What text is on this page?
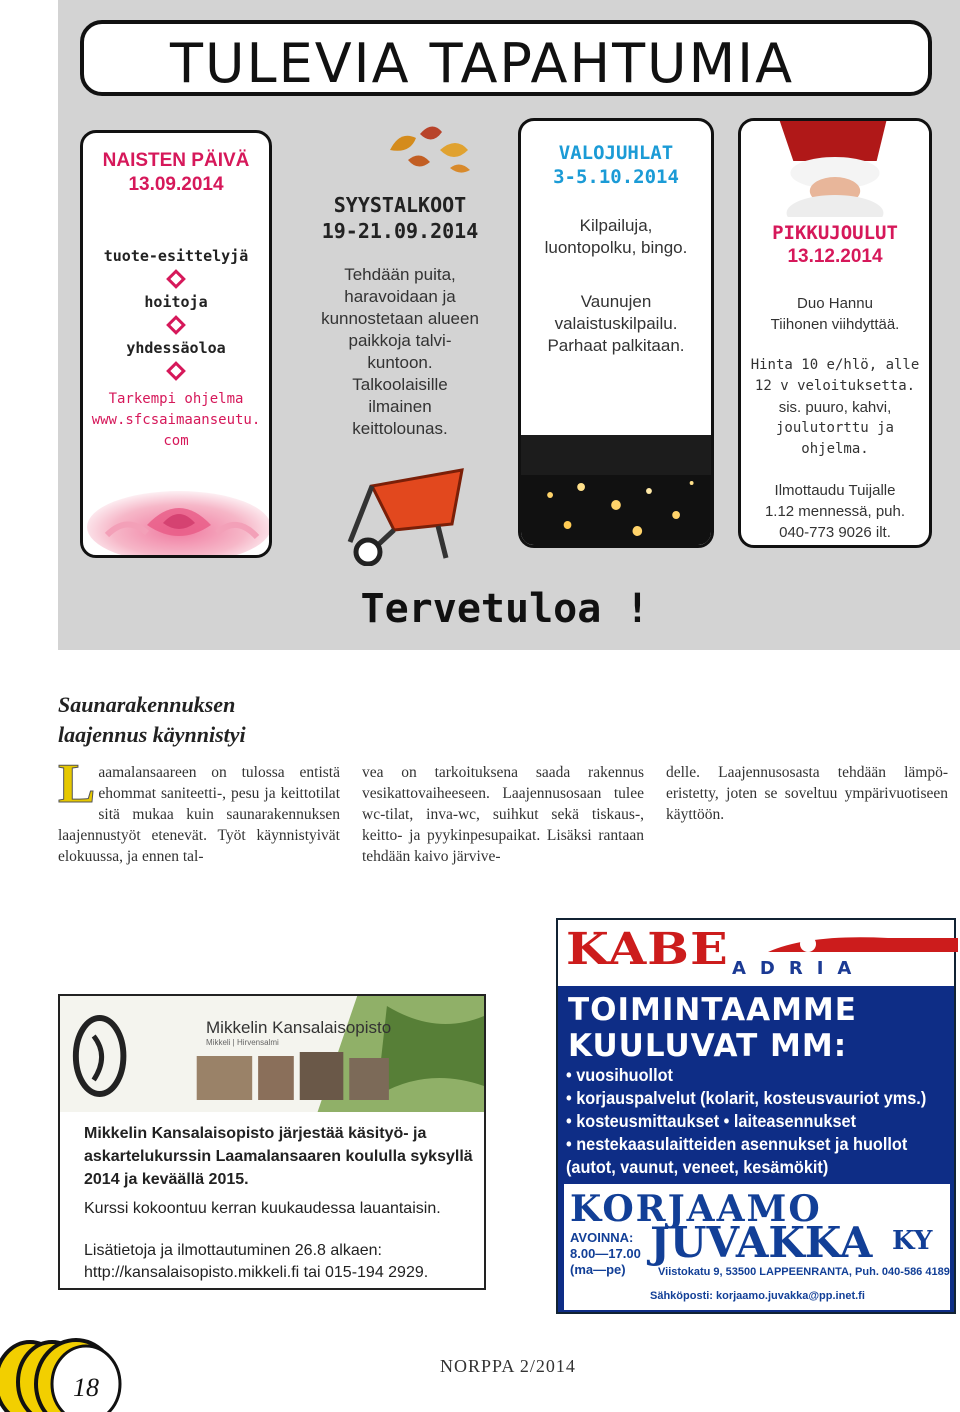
TULEVIA TAPAHTUMIA
NAISTEN PÄIVÄ
13.09.2014
tuote-esittelyjä
hoitoja
yhdessäoloa
Tarkempi ohjelma
www.sfcsaimaanseutu.
com
SYYSTALKOOT
19-21.09.2014
Tehdään puita,
haravoidaan ja
kunnostetaan alueen
paikkoja talvi-
kuntoon.
Talkoolaisille
ilmainen
keittolounas.
VALOJUHLAT
3-5.10.2014
Kilpailuja,
luontopolku, bingo.
Vaunujen
valaistuskilpailu.
Parhaat palkitaan.
PIKKUJOULUT
13.12.2014
Duo Hannu
Tiihonen viihdyttää.
Hinta 10 e/hlö, alle
12 v veloituksetta.
sis. puuro, kahvi,
joulutorttu ja ohjelma.
Ilmottaudu Tuijalle
1.12 mennessä, puh.
040-773 9026 ilt.
Tervetuloa !
Saunarakennuksen
laajennus käynnistyi
Laamalansaareen on tulossa entistä ehommat saniteetti-, pesu ja keittotilat sitä mukaa kuin saunarakennuksen laajennustyöt etenevät. Työt käynnistyivät elokuussa, ja ennen tal-
vea on tarkoituksena saada rakennus vesikattovaiheeseen. Laajennusosaan tulee wc-tilat, inva-wc, suihkut sekä tiskaus-, keitto- ja pyykinpesupaikat. Lisäksi rantaan tehdään kaivo järvive-
delle. Laajennusosasta tehdään lämpöeristetty, joten se soveltuu ympärivuotiseen käyttöön.
Mikkelin Kansalaisopisto
Mikkeli | Hirvensalmi
Mikkelin Kansalaisopisto järjestää käsityö- ja askartelukurssin Laamalansaaren koululla syksyllä 2014 ja keväällä 2015.
Kurssi kokoontuu kerran kuukaudessa lauantaisin.
Lisätietoja ja ilmottautuminen 26.8 alkaen: http://kansalaisopisto.mikkeli.fi tai 015-194 2929.
KABE ADRIA
TOIMINTAAMME KUULUVAT MM:
• vuosihuollot
• korjauspalvelut (kolarit, kosteusvauriot yms.)
• kosteusmittaukset • laiteasennukset
• nestekaasulaitteiden asennukset ja huollot
(autot, vaunut, veneet, kesämökit)
KORJAAMO
JUVAKKA KY
AVOINNA:
8.00—17.00
(ma—pe)	Viistokatu 9, 53500 LAPPEENRANTA, Puh. 040-586 4189
Sähköposti: korjaamo.juvakka@pp.inet.fi
18
NORPPA 2/2014
